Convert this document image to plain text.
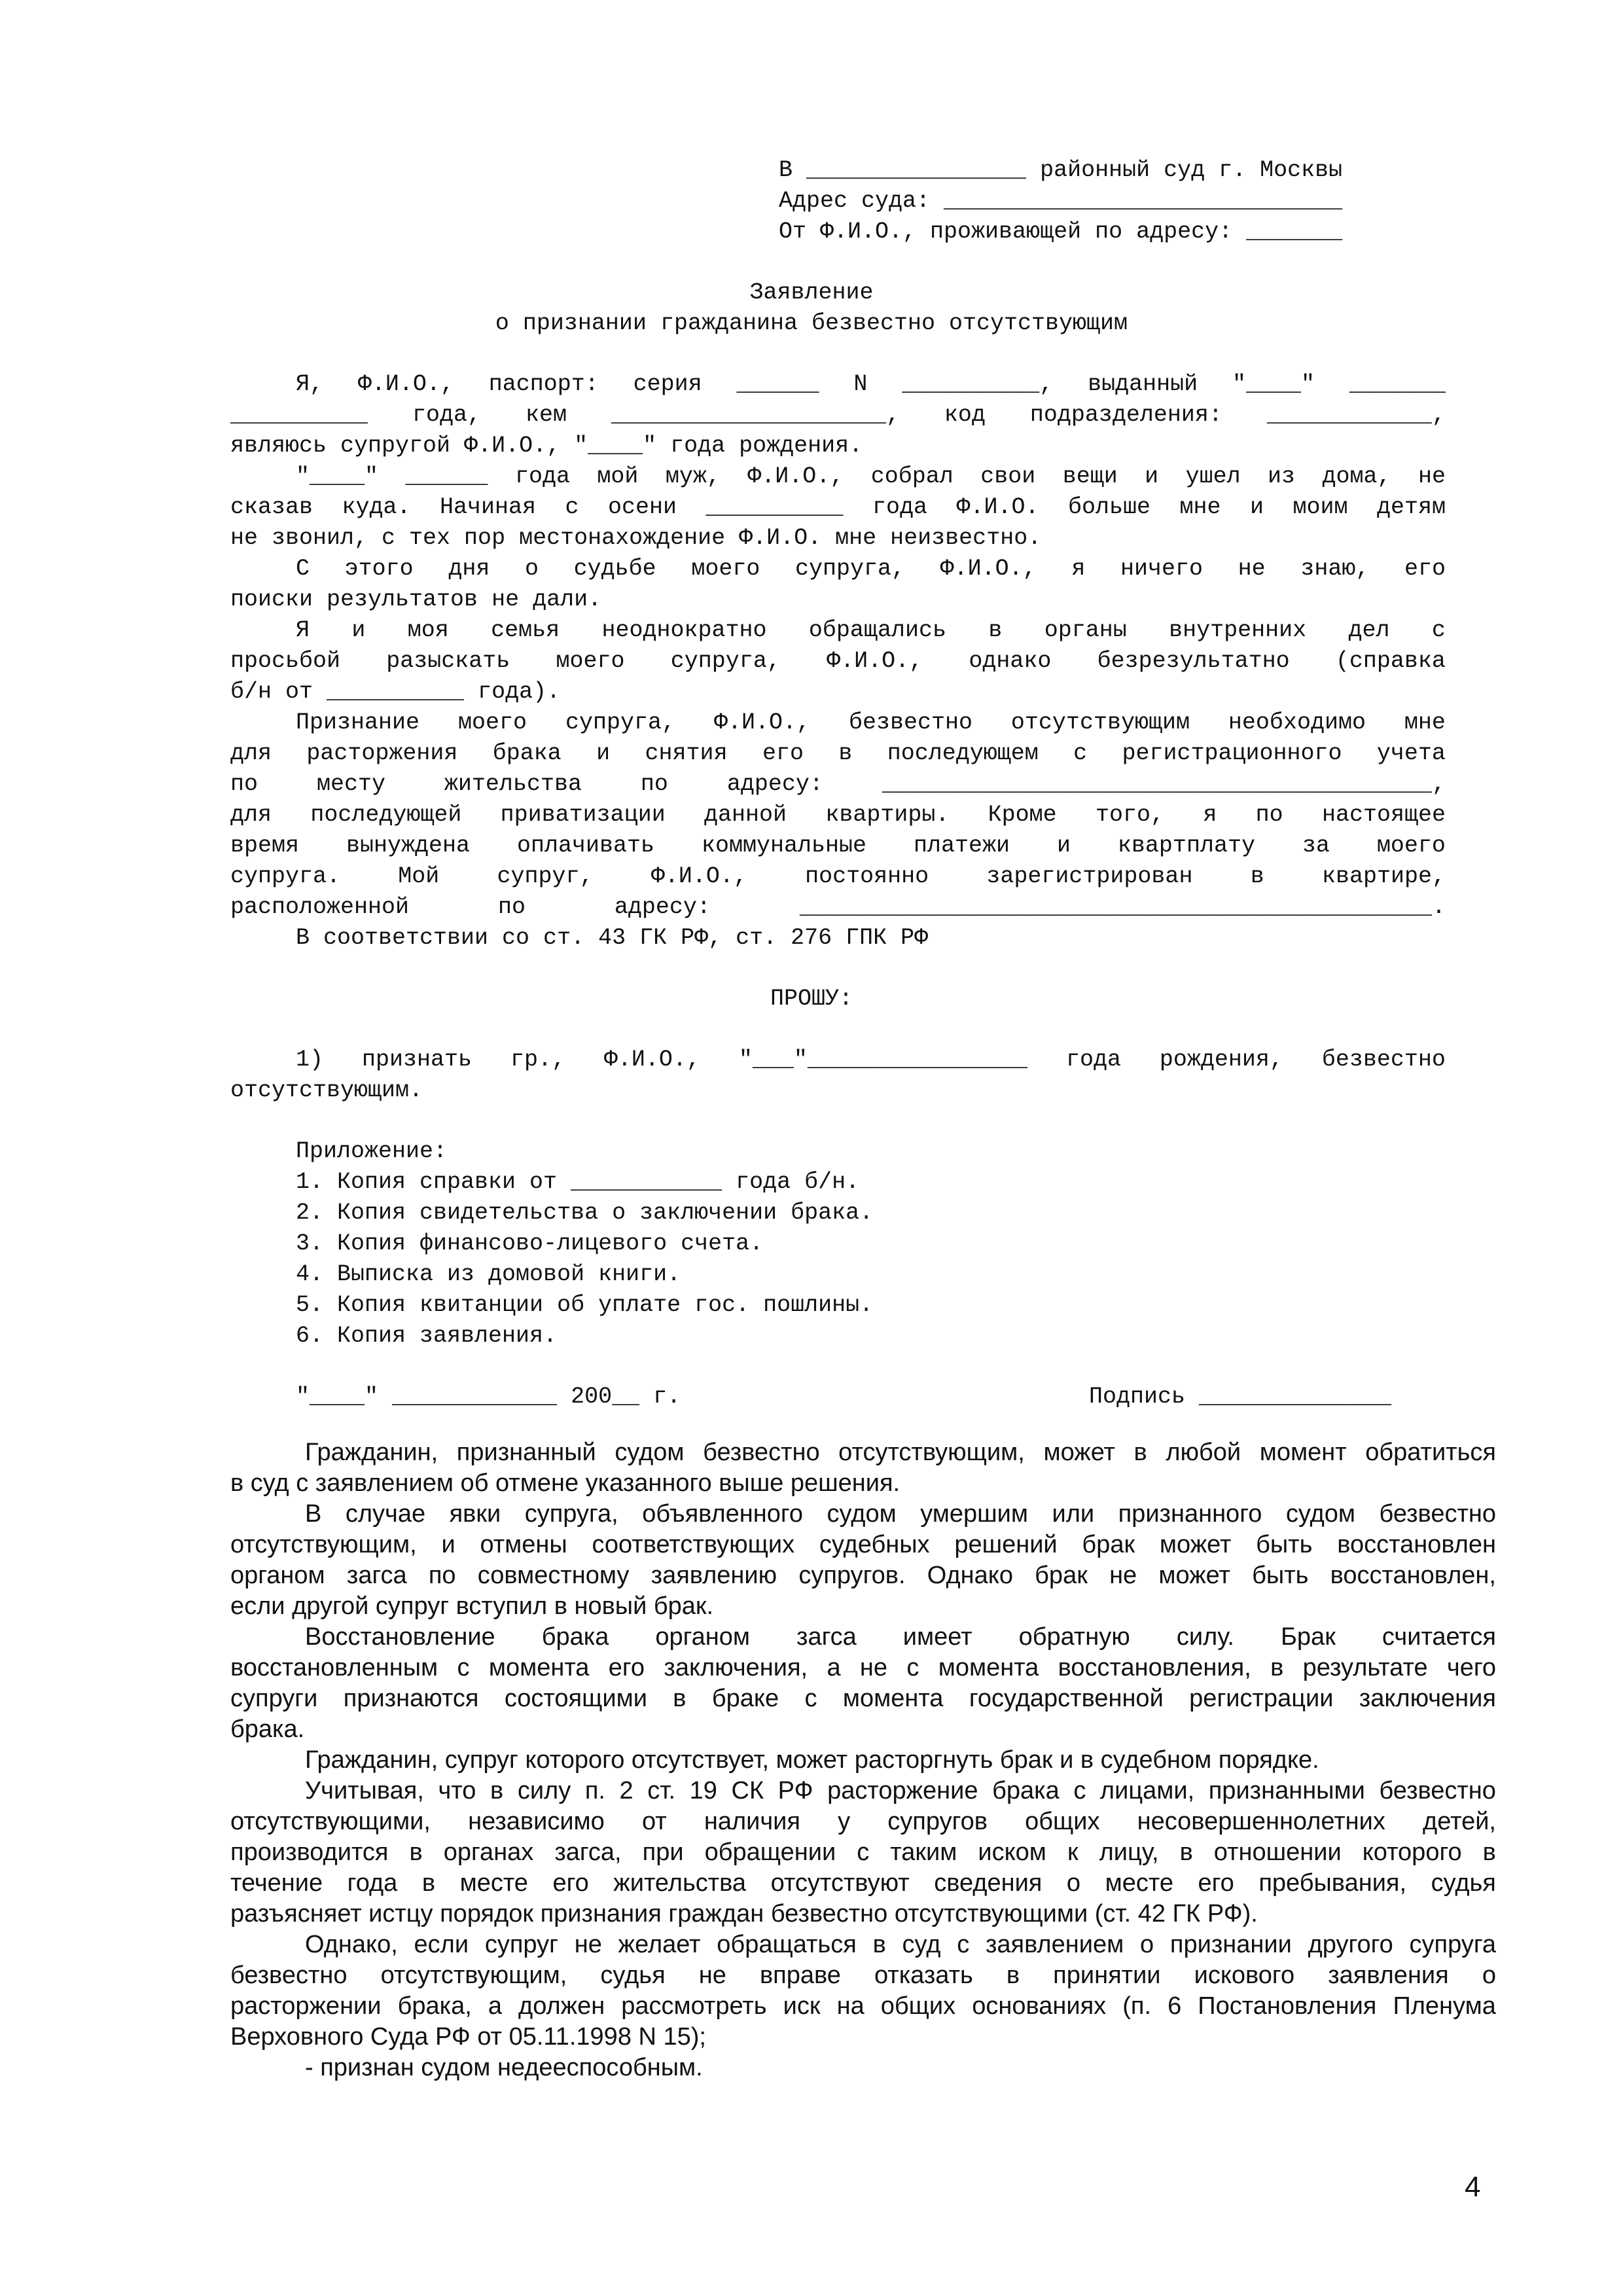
В ________________ районный суд г. Москвы
Адрес суда: _____________________________
От Ф.И.О., проживающей по адресу: _______
Заявление
о признании гражданина безвестно отсутствующим
Я, Ф.И.О., паспорт: серия ______ N __________, выданный "____" _______
__________ года, кем ____________________, код подразделения: ____________,
являюсь супругой Ф.И.О., "____" года рождения.
"____" ______ года мой муж, Ф.И.О., собрал свои вещи и ушел из дома, не
сказав куда. Начиная с осени __________ года Ф.И.О. больше мне и моим детям
не звонил, с тех пор местонахождение Ф.И.О. мне неизвестно.
С этого дня о судьбе моего супруга, Ф.И.О., я ничего не знаю, его
поиски результатов не дали.
Я и моя семья неоднократно обращались в органы внутренних дел с
просьбой разыскать моего супруга, Ф.И.О., однако безрезультатно (справка
б/н от __________ года).
Признание моего супруга, Ф.И.О., безвестно отсутствующим необходимо мне
для расторжения брака и снятия его в последующем с регистрационного учета
по	месту	жительства	по	адресу:	________________________________________,
для последующей приватизации данной квартиры. Кроме того, я по настоящее
время вынуждена оплачивать коммунальные платежи и квартплату за моего
супруга.	Мой	супруг,	Ф.И.О.,	постоянно	зарегистрирован	в	квартире,
расположенной	по	адресу:	______________________________________________.
В соответствии со ст. 43 ГК РФ, ст. 276 ГПК РФ
ПРОШУ:
1) признать гр., Ф.И.О., "___"________________ года рождения, безвестно
отсутствующим.
Приложение:
1. Копия справки от ___________ года б/н.
2. Копия свидетельства о заключении брака.
3. Копия финансово-лицевого счета.
4. Выписка из домовой книги.
5. Копия квитанции об уплате гос. пошлины.
6. Копия заявления.
"____" ____________ 200__ г.	Подпись ______________
Гражданин, признанный судом безвестно отсутствующим, может в любой момент обратиться
в суд с заявлением об отмене указанного выше решения.
В случае явки супруга, объявленного судом умершим или признанного судом безвестно
отсутствующим, и отмены соответствующих судебных решений брак может быть восстановлен
органом загса по совместному заявлению супругов. Однако брак не может быть восстановлен,
если другой супруг вступил в новый брак.
Восстановление брака органом загса имеет обратную силу. Брак считается
восстановленным с момента его заключения, а не с момента восстановления, в результате чего
супруги признаются состоящими в браке с момента государственной регистрации заключения
брака.
Гражданин, супруг которого отсутствует, может расторгнуть брак и в судебном порядке.
Учитывая, что в силу п. 2 ст. 19 СК РФ расторжение брака с лицами, признанными безвестно
отсутствующими, независимо от наличия у супругов общих несовершеннолетних детей,
производится в органах загса, при обращении с таким иском к лицу, в отношении которого в
течение года в месте его жительства отсутствуют сведения о месте его пребывания, судья
разъясняет истцу порядок признания граждан безвестно отсутствующими (ст. 42 ГК РФ).
Однако, если супруг не желает обращаться в суд с заявлением о признании другого супруга
безвестно отсутствующим, судья не вправе отказать в принятии искового заявления о
расторжении брака, а должен рассмотреть иск на общих основаниях (п. 6 Постановления Пленума
Верховного Суда РФ от 05.11.1998 N 15);
- признан судом недееспособным.
4
